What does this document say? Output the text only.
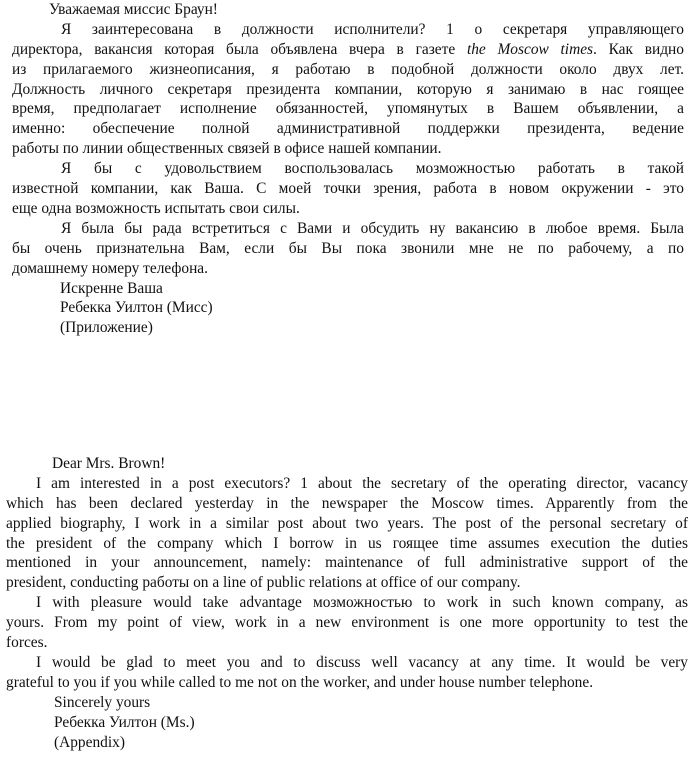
Уважаемая миссис Браун!

Я заинтересована в должности исполнители? 1 о секретаря управляющего

директора, вакансия которая была объявлена вчера в газете the Moscow times. Как видно

из прилагаемого жизнеописания, я работаю в подобной должности около двух лет.

Должность личного секретаря президента компании, которую я занимаю в нас гоящее

время, предполагает исполнение обязанностей, упомянутых в Вашем объявлении, а

именно: обеспечение полной административной поддержки президента, ведение

работы по линии общественных связей в офисе нашей компании.

Я бы с удовольствием воспользовалась мозможностью работать в такой

известной компании, как Ваша. С моей точки зрения, работа в новом окружении - это

еще одна возможность испытать свои силы.

Я была бы рада встретиться с Вами и обсудить ну вакансию в любое время. Была

бы очень признательна Вам, если бы Вы пока звонили мне не по рабочему, а по

домашнему номеру телефона.

Искренне Ваша

Ребекка Уилтон (Мисс)

(Приложение)

Dear Mrs. Brown!

I am interested in a post executors? 1 about the secretary of the operating director, vacancy

which has been declared yesterday in the newspaper the Moscow times. Apparently from the

applied biography, I work in a similar post about two years. The post of the personal secretary of

the president of the company which I borrow in us гоящее time assumes execution the duties

mentioned in your announcement, namely: maintenance of full administrative support of the

president, conducting paботы on a line of public relations at office of our company.

I with pleasure would take advantage мозможностью to work in such known company, as

yours. From my point of view, work in a new environment is one more opportunity to test the

forces.

I would be glad to meet you and to discuss well vacancy at any time. It would be very

grateful to you if you while called to me not on the worker, and under house number telephone.

Sincerely yours

Ребекка Уилтон (Ms.)

(Appendix)
